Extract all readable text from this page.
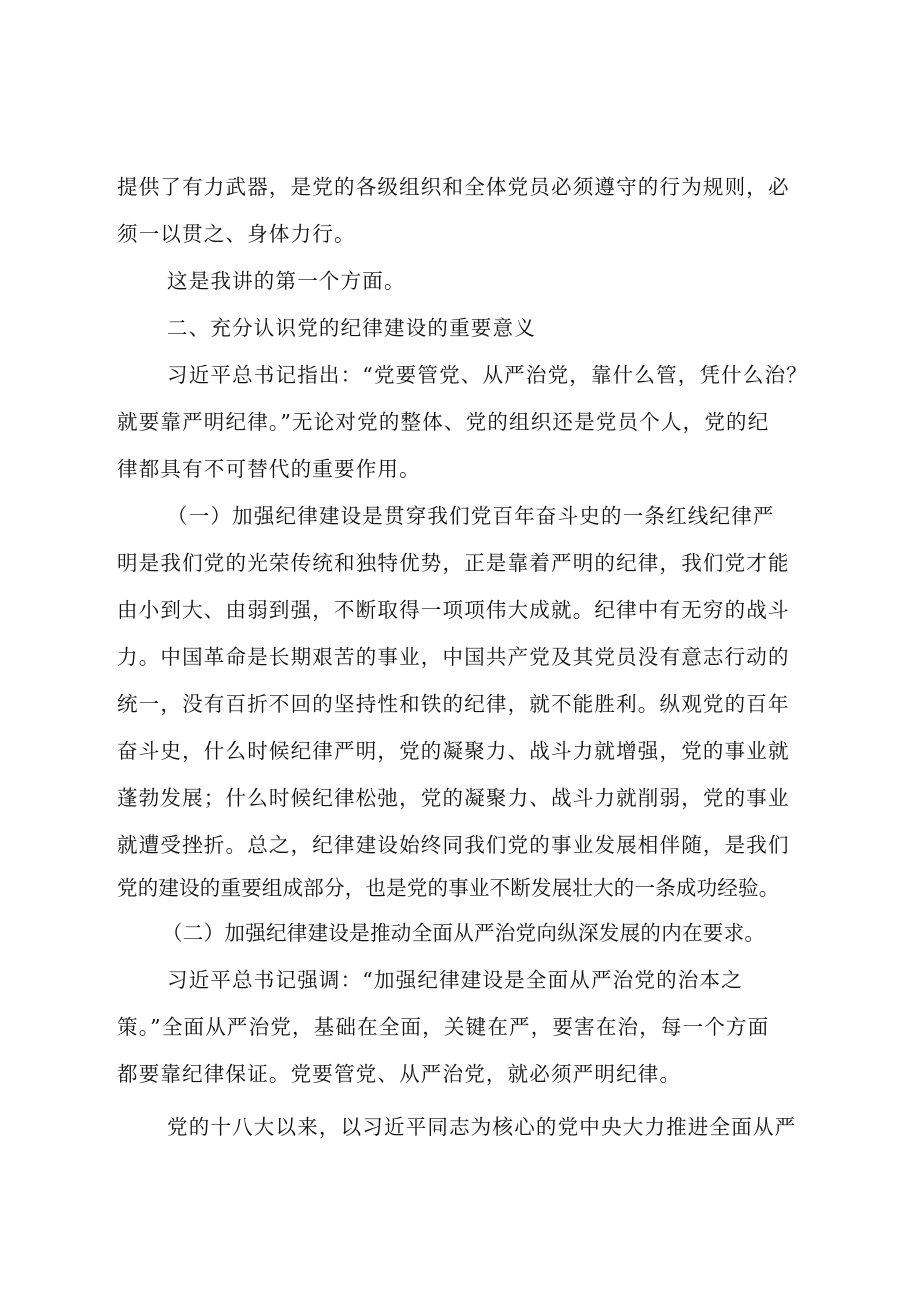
提供了有力武器，是党的各级组织和全体党员必须遵守的行为规则，必
须一以贯之、身体力行。
这是我讲的第一个方面。
二、充分认识党的纪律建设的重要意义
习近平总书记指出：“党要管党、从严治党，靠什么管，凭什么治？
就要靠严明纪律。”无论对党的整体、党的组织还是党员个人，党的纪
律都具有不可替代的重要作用。
（一）加强纪律建设是贯穿我们党百年奋斗史的一条红线纪律严
明是我们党的光荣传统和独特优势，正是靠着严明的纪律，我们党才能
由小到大、由弱到强，不断取得一项项伟大成就。纪律中有无穷的战斗
力。中国革命是长期艰苦的事业，中国共产党及其党员没有意志行动的
统一，没有百折不回的坚持性和铁的纪律，就不能胜利。纵观党的百年
奋斗史，什么时候纪律严明，党的凝聚力、战斗力就增强，党的事业就
蓬勃发展；什么时候纪律松弛，党的凝聚力、战斗力就削弱，党的事业
就遭受挫折。总之，纪律建设始终同我们党的事业发展相伴随，是我们
党的建设的重要组成部分，也是党的事业不断发展壮大的一条成功经验。
（二）加强纪律建设是推动全面从严治党向纵深发展的内在要求。
习近平总书记强调：“加强纪律建设是全面从严治党的治本之
策。”全面从严治党，基础在全面，关键在严，要害在治，每一个方面
都要靠纪律保证。党要管党、从严治党，就必须严明纪律。
党的十八大以来，以习近平同志为核心的党中央大力推进全面从严
